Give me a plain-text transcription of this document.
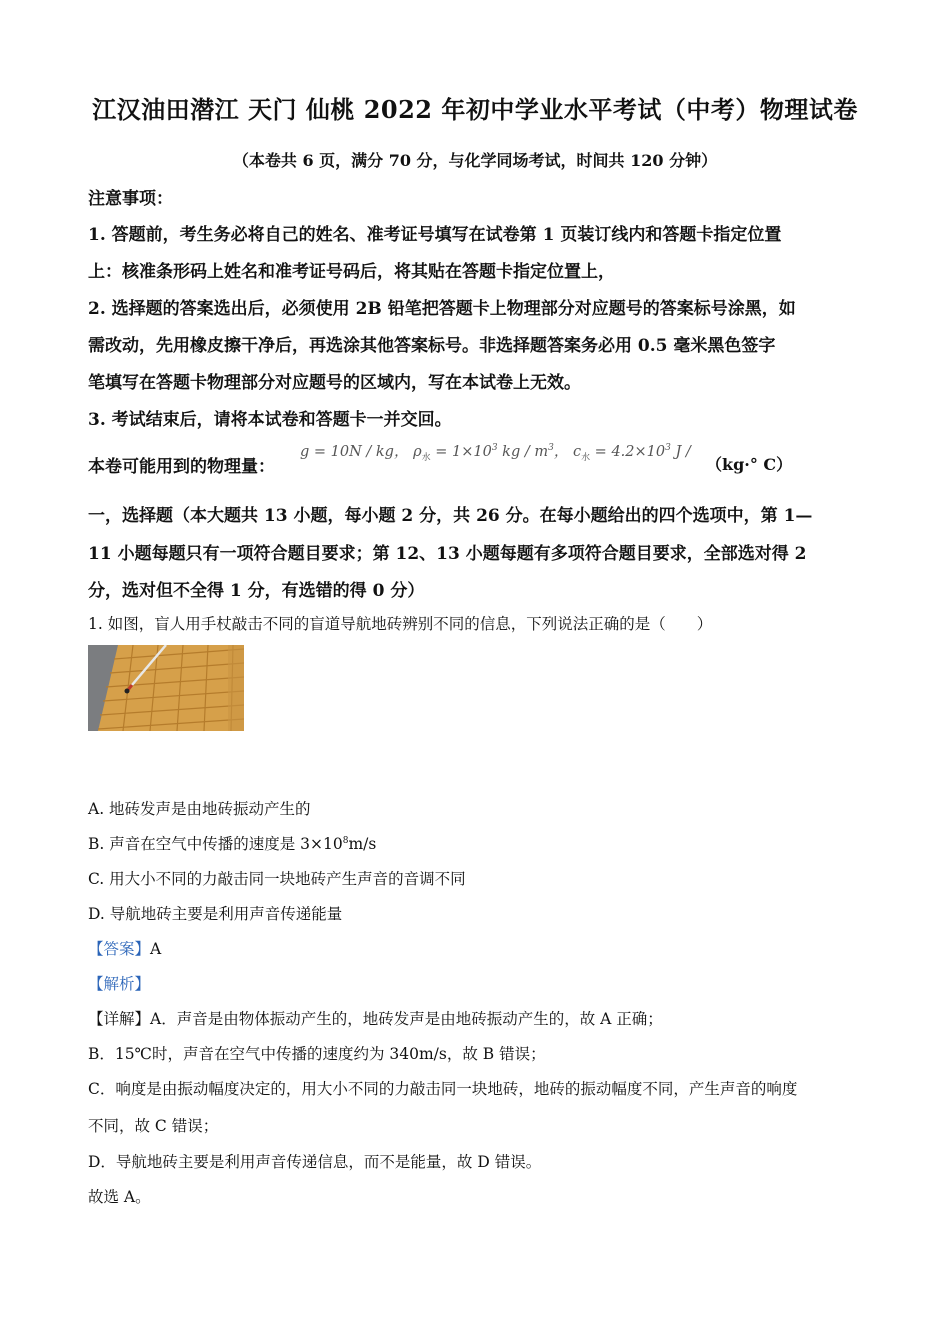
江汉油田潜江 天门 仙桃 2022 年初中学业水平考试（中考）物理试卷
（本卷共 6 页，满分 70 分，与化学同场考试，时间共 120 分钟）
注意事项：
1. 答题前，考生务必将自己的姓名、准考证号填写在试卷第 1 页装订线内和答题卡指定位置
上：核准条形码上姓名和准考证号码后，将其贴在答题卡指定位置上，
2. 选择题的答案选出后，必须使用 2B 铅笔把答题卡上物理部分对应题号的答案标号涂黑，如
需改动，先用橡皮擦干净后，再选涂其他答案标号。非选择题答案务必用 0.5 毫米黑色签字
笔填写在答题卡物理部分对应题号的区域内，写在本试卷上无效。
3. 考试结束后，请将本试卷和答题卡一并交回。
本卷可能用到的物理量：
g = 10N / kg， $\rho_水 = 1\times 10^3$ kg / $m^3$， $c_水 = 4.2\times 10^3$ J /
（kg·° C）
一，选择题（本大题共 13 小题，每小题 2 分，共 26 分。在每小题给出的四个选项中，第 1—
11 小题每题只有一项符合题目要求；第 12、13 小题每题有多项符合题目要求，全部选对得 2
分，选对但不全得 1 分，有选错的得 0 分）
1. 如图，盲人用手杖敲击不同的盲道导航地砖辨别不同的信息，下列说法正确的是（　　）
A. 地砖发声是由地砖振动产生的
B. 声音在空气中传播的速度是 $3\times 10^8m/s$
C. 用大小不同的力敲击同一块地砖产生声音的音调不同
D. 导航地砖主要是利用声音传递能量
【答案】A
【解析】
【详解】A．声音是由物体振动产生的，地砖发声是由地砖振动产生的，故 A 正确；
B．15℃时，声音在空气中传播的速度约为 340m/s，故 B 错误；
C．响度是由振动幅度决定的，用大小不同的力敲击同一块地砖，地砖的振动幅度不同，产生声音的响度
不同，故 C 错误；
D．导航地砖主要是利用声音传递信息，而不是能量，故 D 错误。
故选 A。
